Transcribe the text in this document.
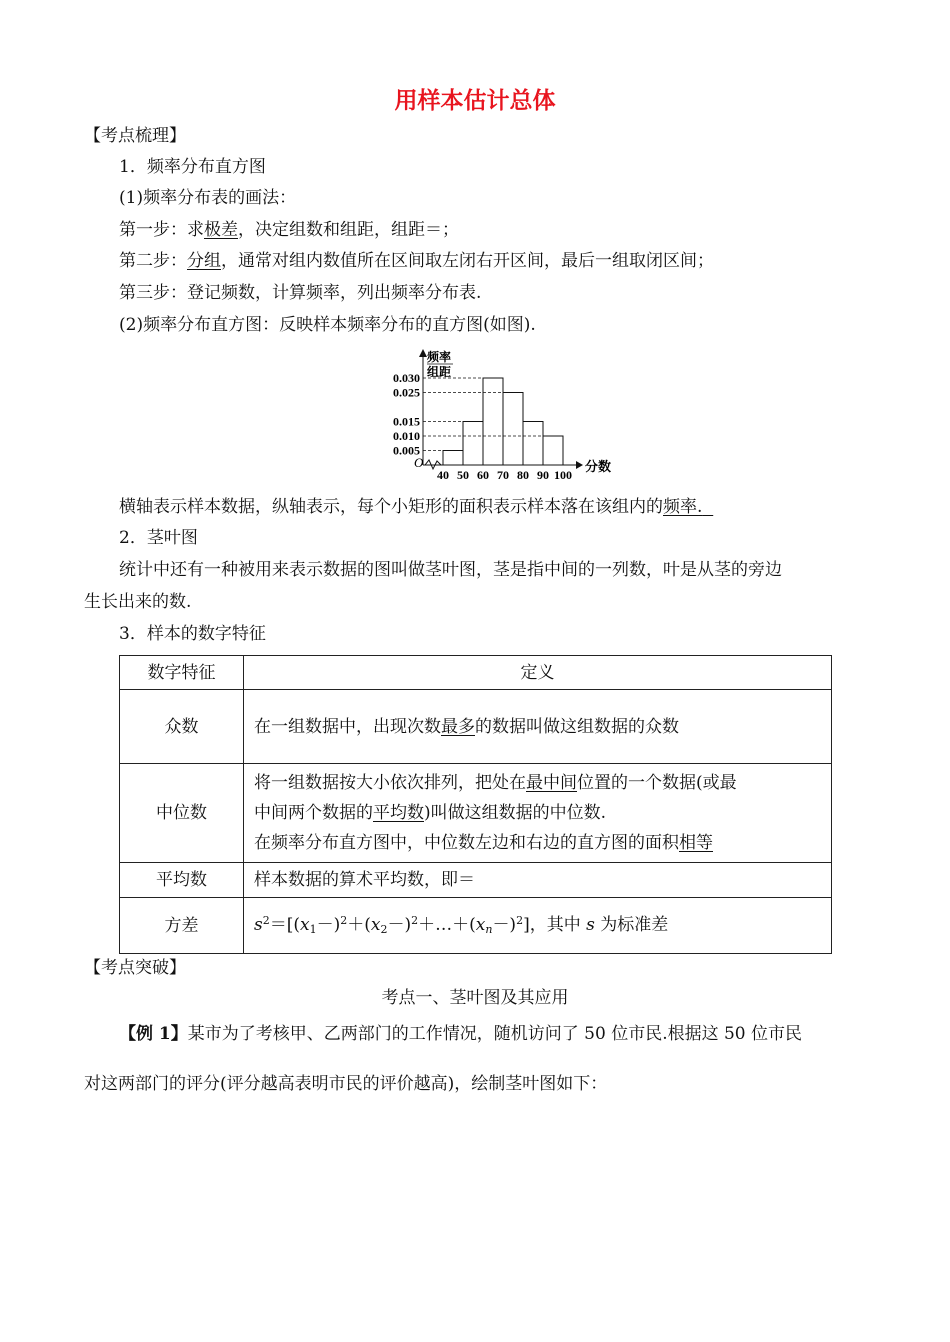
用样本估计总体
【考点梳理】
1．频率分布直方图
(1)频率分布表的画法：
第一步：求极差，决定组数和组距，组距＝；
第二步：分组，通常对组内数值所在区间取左闭右开区间，最后一组取闭区间；
第三步：登记频数，计算频率，列出频率分布表.
(2)频率分布直方图：反映样本频率分布的直方图(如图).
0.030
0.025
0.015
0.010
0.005
40 50 60 70 80 90 100
O	分数
频率
组距
横轴表示样本数据，纵轴表示，每个小矩形的面积表示样本落在该组内的频率.
2．茎叶图
统计中还有一种被用来表示数据的图叫做茎叶图，茎是指中间的一列数，叶是从茎的旁边
生长出来的数.
3．样本的数字特征
数字特征	定义
众数	在一组数据中，出现次数最多的数据叫做这组数据的众数
中位数	将一组数据按大小依次排列，把处在最中间位置的一个数据(或最
中间两个数据的平均数)叫做这组数据的中位数.
在频率分布直方图中，中位数左边和右边的直方图的面积相等

平均数	样本数据的算术平均数，即＝
方差	$s^2=[(x_1-)^2+(x_2-)^2+\dots+(x_n-)^2]$，其中 s 为标准差
【考点突破】
考点一、茎叶图及其应用
【例 1】某市为了考核甲、乙两部门的工作情况，随机访问了 50 位市民.根据这 50 位市民
对这两部门的评分(评分越高表明市民的评价越高)，绘制茎叶图如下：
